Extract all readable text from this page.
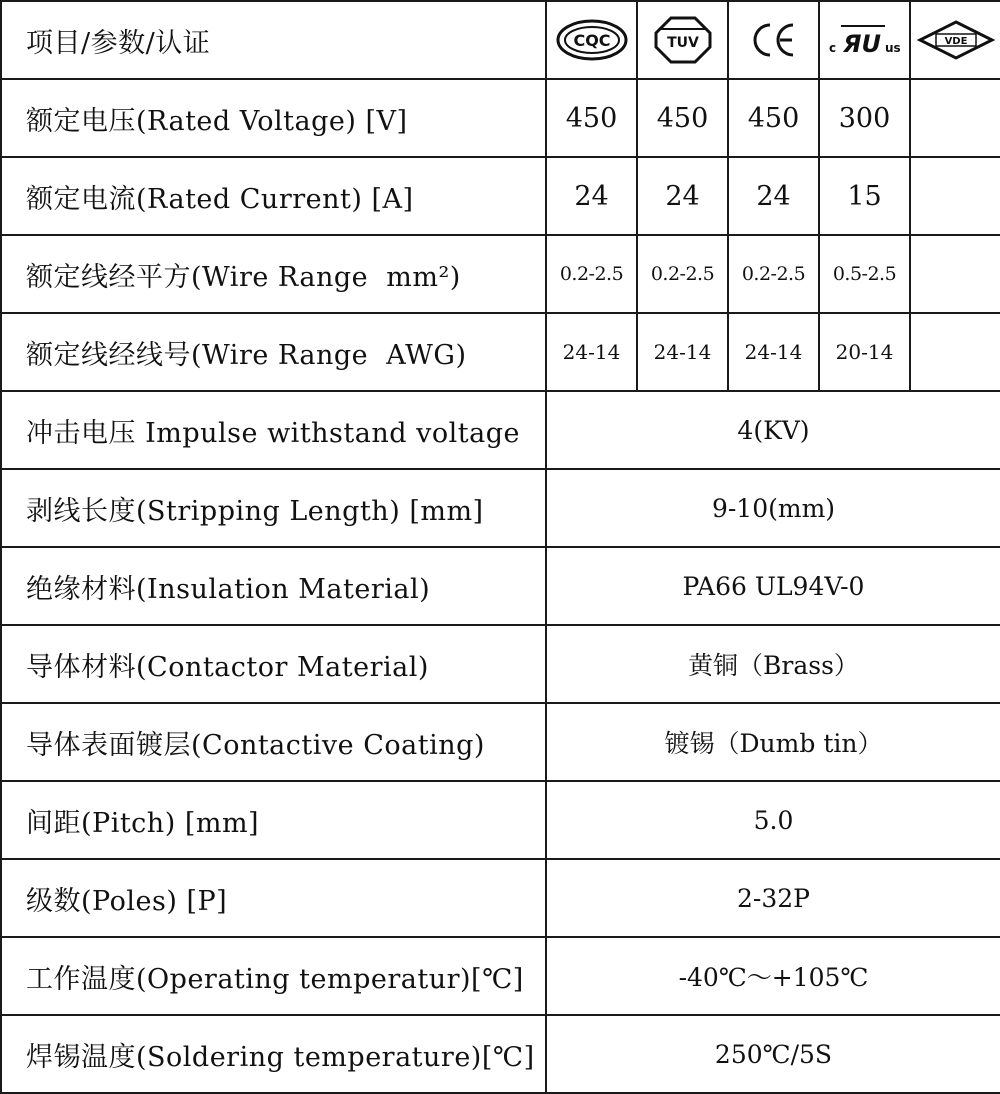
项目/参数/认证	CQC	TUV		c ЯU us	VDE

额定电压(Rated Voltage) [V]	450	450	450	300	
额定电流(Rated Current) [A]	24	24	24	15	
额定线经平方(Wire Range  mm²)	0.2-2.5	0.2-2.5	0.2-2.5	0.5-2.5	
额定线经线号(Wire Range  AWG)	24-14	24-14	24-14	20-14	
冲击电压 Impulse withstand voltage	4(KV)				
剥线长度(Stripping Length) [mm]	9-10(mm)				
绝缘材料(Insulation Material)	PA66 UL94V-0				
导体材料(Contactor Material)	黄铜（Brass）				
导体表面镀层(Contactive Coating)	镀锡（Dumb tin）				
间距(Pitch) [mm]	5.0				
级数(Poles) [P]	2-32P				
工作温度(Operating temperatur)[℃]	-40℃～+105℃				
焊锡温度(Soldering temperature)[℃]	250℃/5S				
